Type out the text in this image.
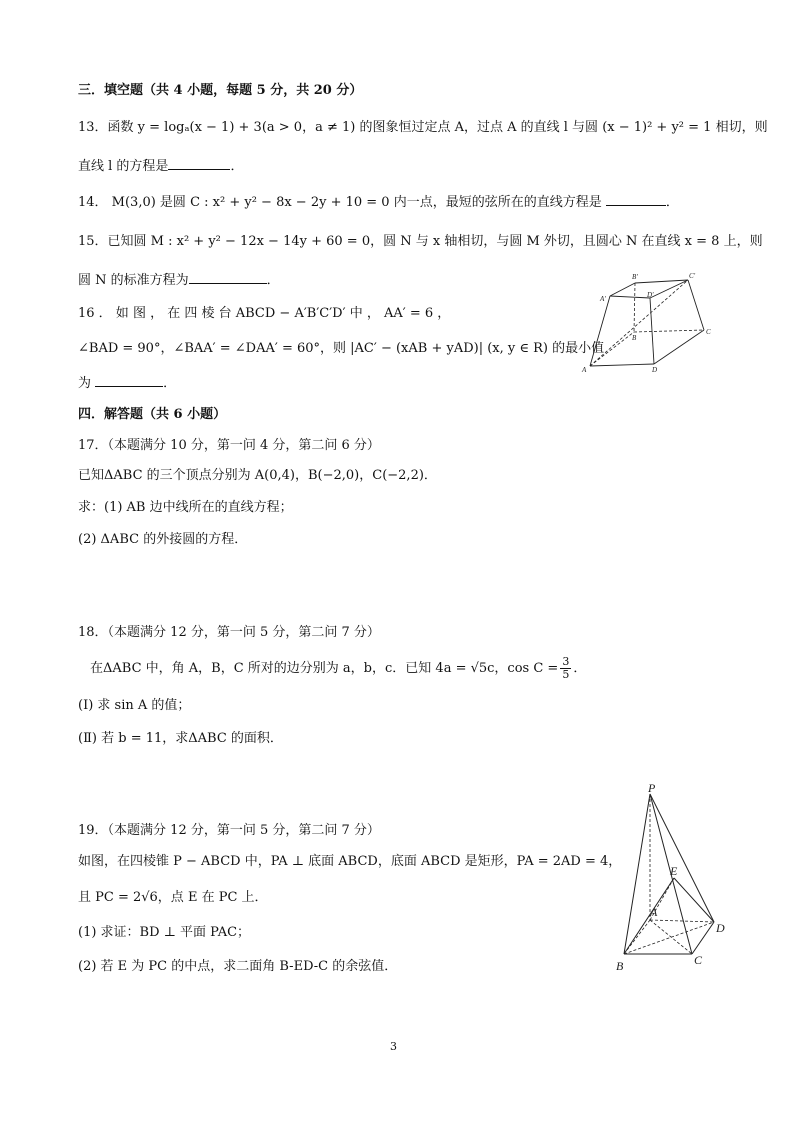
三．填空题（共 4 小题，每题 5 分，共 20 分）
13．函数 y = logₐ(x − 1) + 3(a > 0，a ≠ 1) 的图象恒过定点 A，过点 A 的直线 l 与圆 (x − 1)² + y² = 1 相切，则
直线 l 的方程是	．
14． M(3,0) 是圆 C : x² + y² − 8x − 2y + 10 = 0 内一点，最短的弦所在的直线方程是	．
15．已知圆 M : x² + y² − 12x − 14y + 60 = 0，圆 N 与 x 轴相切，与圆 M 外切，且圆心 N 在直线 x = 8 上，则
圆 N 的标准方程为	．
16 ． 如 图 ， 在 四 棱 台 ABCD − A′B′C′D′ 中 ， AA′ = 6 ，
∠BAD = 90°，∠BAA′ = ∠DAA′ = 60°，则 |AC′ − (xAB + yAD)| (x, y ∈ R) 的最小值
为	．
A'
B'	C'
D'
A
B
C
D
四．解答题（共 6 小题）
17．（本题满分 10 分，第一问 4 分，第二问 6 分）
已知ΔABC 的三个顶点分别为 A(0,4)，B(−2,0)，C(−2,2)．
求：(1) AB 边中线所在的直线方程；
(2) ΔABC 的外接圆的方程．
18．（本题满分 12 分，第一问 5 分，第二问 7 分）
在ΔABC 中，角 A，B，C 所对的边分别为 a，b，c．已知 4a = √5c，$\cos C = \frac{3}{5}$ ．
(Ⅰ) 求 sin A 的值；
(Ⅱ) 若 b = 11，求ΔABC 的面积．
19．（本题满分 12 分，第一问 5 分，第二问 7 分）
如图，在四棱锥 P − ABCD 中，PA ⊥ 底面 ABCD，底面 ABCD 是矩形，PA = 2AD = 4，
且 PC = 2√6，点 E 在 PC 上．
(1) 求证：BD ⊥ 平面 PAC；
(2) 若 E 为 PC 的中点，求二面角 B-ED-C 的余弦值．
P
E
A
B	C
D
3
